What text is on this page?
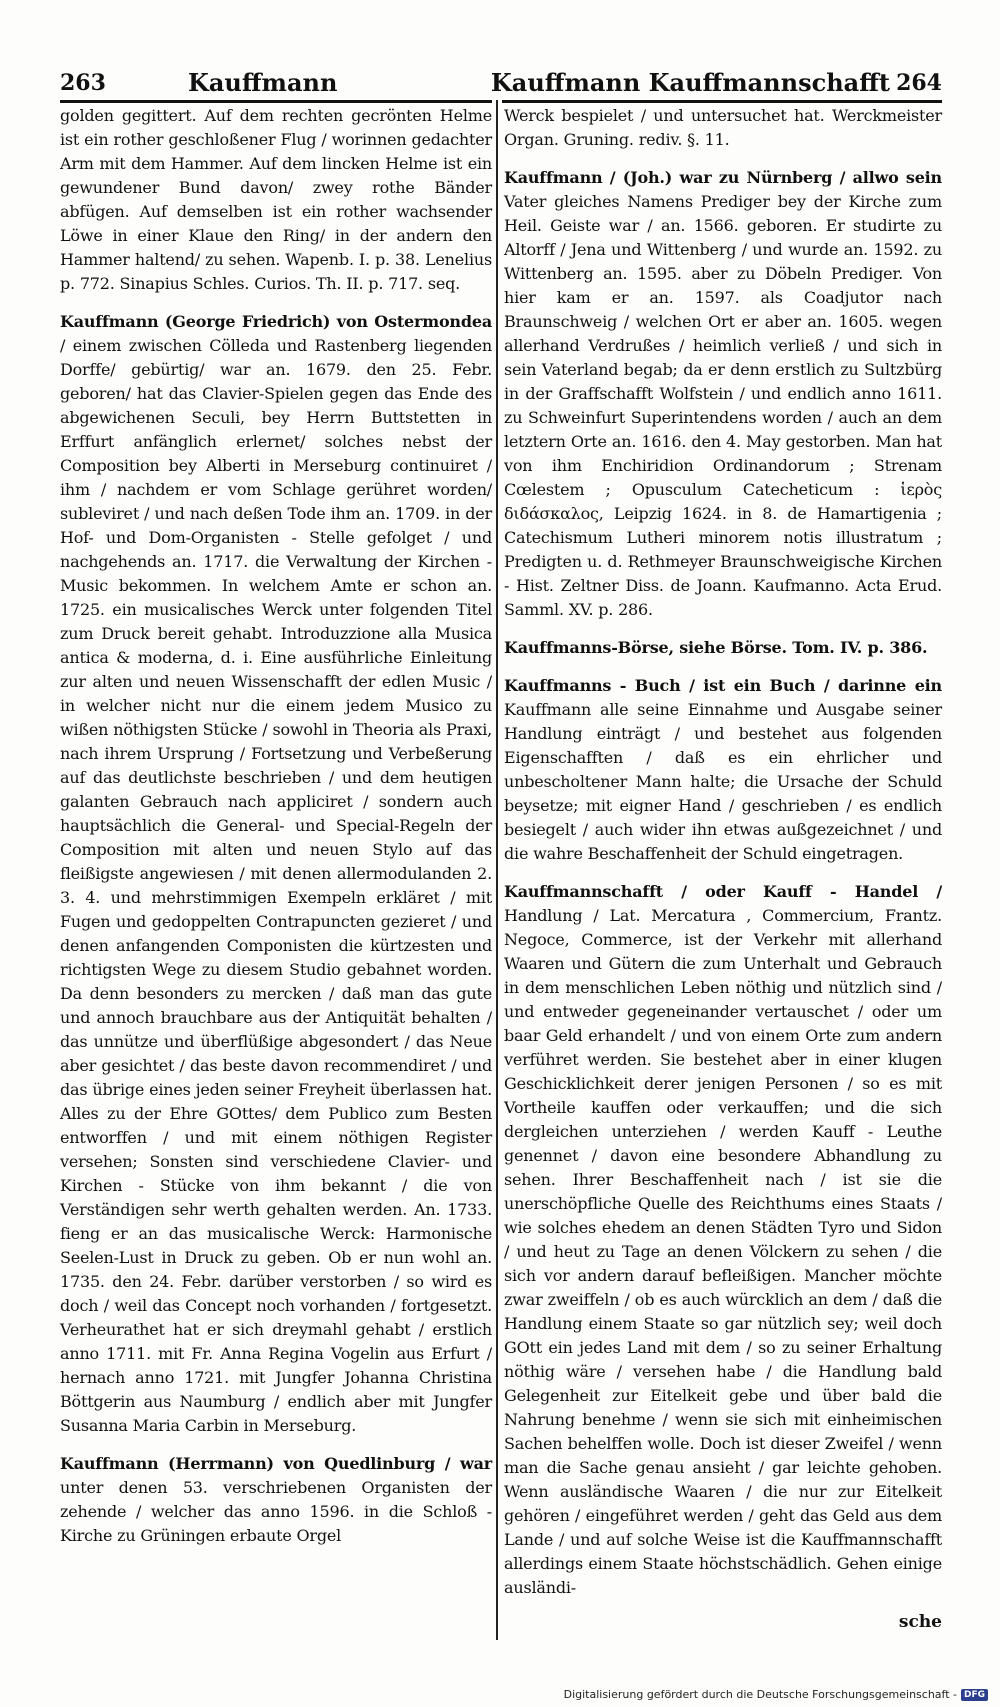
263	Kauffmann	Kauffmann Kauffmannschafft 264

golden gegittert. Auf dem rechten gecrönten Helme ist ein rother geschloßener Flug / worinnen gedachter Arm mit dem Hammer. Auf dem lincken Helme ist ein gewundener Bund davon/ zwey rothe Bänder abfügen. Auf demselben ist ein rother wachsender Löwe in einer Klaue den Ring/ in der andern den Hammer haltend/ zu sehen. Wapenb. I. p. 38. Lenelius p. 772. Sinapius Schles. Curios. Th. II. p. 717. seq.

Kauffmann (George Friedrich) von Ostermondea / einem zwischen Cölleda und Rastenberg liegenden Dorffe/ gebürtig/ war an. 1679. den 25. Febr. geboren/ hat das Clavier-Spielen gegen das Ende des abgewichenen Seculi, bey Herrn Buttstetten in Erffurt anfänglich erlernet/ solches nebst der Composition bey Alberti in Merseburg continuiret / ihm / nachdem er vom Schlage gerühret worden/ subleviret / und nach deßen Tode ihm an. 1709. in der Hof- und Dom-Organisten - Stelle gefolget / und nachgehends an. 1717. die Verwaltung der Kirchen - Music bekommen. In welchem Amte er schon an. 1725. ein musicalisches Werck unter folgenden Titel zum Druck bereit gehabt. Introduzzione alla Musica antica & moderna, d. i. Eine ausführliche Einleitung zur alten und neuen Wissenschafft der edlen Music / in welcher nicht nur die einem jedem Musico zu wißen nöthigsten Stücke / sowohl in Theoria als Praxi, nach ihrem Ursprung / Fortsetzung und Verbeßerung auf das deutlichste beschrieben / und dem heutigen galanten Gebrauch nach appliciret / sondern auch hauptsächlich die General- und Special-Regeln der Composition mit alten und neuen Stylo auf das fleißigste angewiesen / mit denen allermodulanden 2. 3. 4. und mehrstimmigen Exempeln erkläret / mit Fugen und gedoppelten Contrapuncten gezieret / und denen anfangenden Componisten die kürtzesten und richtigsten Wege zu diesem Studio gebahnet worden. Da denn besonders zu mercken / daß man das gute und annoch brauchbare aus der Antiquität behalten / das unnütze und überflüßige abgesondert / das Neue aber gesichtet / das beste davon recommendiret / und das übrige eines jeden seiner Freyheit überlassen hat. Alles zu der Ehre GOttes/ dem Publico zum Besten entworffen / und mit einem nöthigen Register versehen; Sonsten sind verschiedene Clavier- und Kirchen - Stücke von ihm bekannt / die von Verständigen sehr werth gehalten werden. An. 1733. fieng er an das musicalische Werck: Harmonische Seelen-Lust in Druck zu geben. Ob er nun wohl an. 1735. den 24. Febr. darüber verstorben / so wird es doch / weil das Concept noch vorhanden / fortgesetzt. Verheurathet hat er sich dreymahl gehabt / erstlich anno 1711. mit Fr. Anna Regina Vogelin aus Erfurt / hernach anno 1721. mit Jungfer Johanna Christina Böttgerin aus Naumburg / endlich aber mit Jungfer Susanna Maria Carbin in Merseburg.

Kauffmann (Herrmann) von Quedlinburg / war unter denen 53. verschriebenen Organisten der zehende / welcher das anno 1596. in die Schloß - Kirche zu Grüningen erbaute Orgel

Werck bespielet / und untersuchet hat. Werckmeister Organ. Gruning. rediv. §. 11.

Kauffmann / (Joh.) war zu Nürnberg / allwo sein Vater gleiches Namens Prediger bey der Kirche zum Heil. Geiste war / an. 1566. geboren. Er studirte zu Altorff / Jena und Wittenberg / und wurde an. 1592. zu Wittenberg an. 1595. aber zu Döbeln Prediger. Von hier kam er an. 1597. als Coadjutor nach Braunschweig / welchen Ort er aber an. 1605. wegen allerhand Verdrußes / heimlich verließ / und sich in sein Vaterland begab; da er denn erstlich zu Sultzbürg in der Graffschafft Wolfstein / und endlich anno 1611. zu Schweinfurt Superintendens worden / auch an dem letztern Orte an. 1616. den 4. May gestorben. Man hat von ihm Enchiridion Ordinandorum ; Strenam Cœlestem ; Opusculum Catecheticum : ἱερὸς διδάσκαλος, Leipzig 1624. in 8. de Hamartigenia ; Catechismum Lutheri minorem notis illustratum ; Predigten u. d. Rethmeyer Braunschweigische Kirchen - Hist. Zeltner Diss. de Joann. Kaufmanno. Acta Erud. Samml. XV. p. 286.

Kauffmanns-Börse, siehe Börse. Tom. IV. p. 386.

Kauffmanns - Buch / ist ein Buch / darinne ein Kauffmann alle seine Einnahme und Ausgabe seiner Handlung einträgt / und bestehet aus folgenden Eigenschafften / daß es ein ehrlicher und unbescholtener Mann halte; die Ursache der Schuld beysetze; mit eigner Hand / geschrieben / es endlich besiegelt / auch wider ihn etwas außgezeichnet / und die wahre Beschaffenheit der Schuld eingetragen.

Kauffmannschafft / oder Kauff - Handel / Handlung / Lat. Mercatura , Commercium, Frantz. Negoce, Commerce, ist der Verkehr mit allerhand Waaren und Gütern die zum Unterhalt und Gebrauch in dem menschlichen Leben nöthig und nützlich sind / und entweder gegeneinander vertauschet / oder um baar Geld erhandelt / und von einem Orte zum andern verführet werden. Sie bestehet aber in einer klugen Geschicklichkeit derer jenigen Personen / so es mit Vortheile kauffen oder verkauffen; und die sich dergleichen unterziehen / werden Kauff - Leuthe genennet / davon eine besondere Abhandlung zu sehen. Ihrer Beschaffenheit nach / ist sie die unerschöpfliche Quelle des Reichthums eines Staats / wie solches ehedem an denen Städten Tyro und Sidon / und heut zu Tage an denen Völckern zu sehen / die sich vor andern darauf befleißigen. Mancher möchte zwar zweiffeln / ob es auch würcklich an dem / daß die Handlung einem Staate so gar nützlich sey; weil doch GOtt ein jedes Land mit dem / so zu seiner Erhaltung nöthig wäre / versehen habe / die Handlung bald Gelegenheit zur Eitelkeit gebe und über bald die Nahrung benehme / wenn sie sich mit einheimischen Sachen behelffen wolle. Doch ist dieser Zweifel / wenn man die Sache genau ansieht / gar leichte gehoben. Wenn ausländische Waaren / die nur zur Eitelkeit gehören / eingeführet werden / geht das Geld aus dem Lande / und auf solche Weise ist die Kauffmannschafft allerdings einem Staate höchstschädlich. Gehen einige ausländi-

sche
Digitalisierung gefördert durch die Deutsche Forschungsgemeinschaft - DFG
